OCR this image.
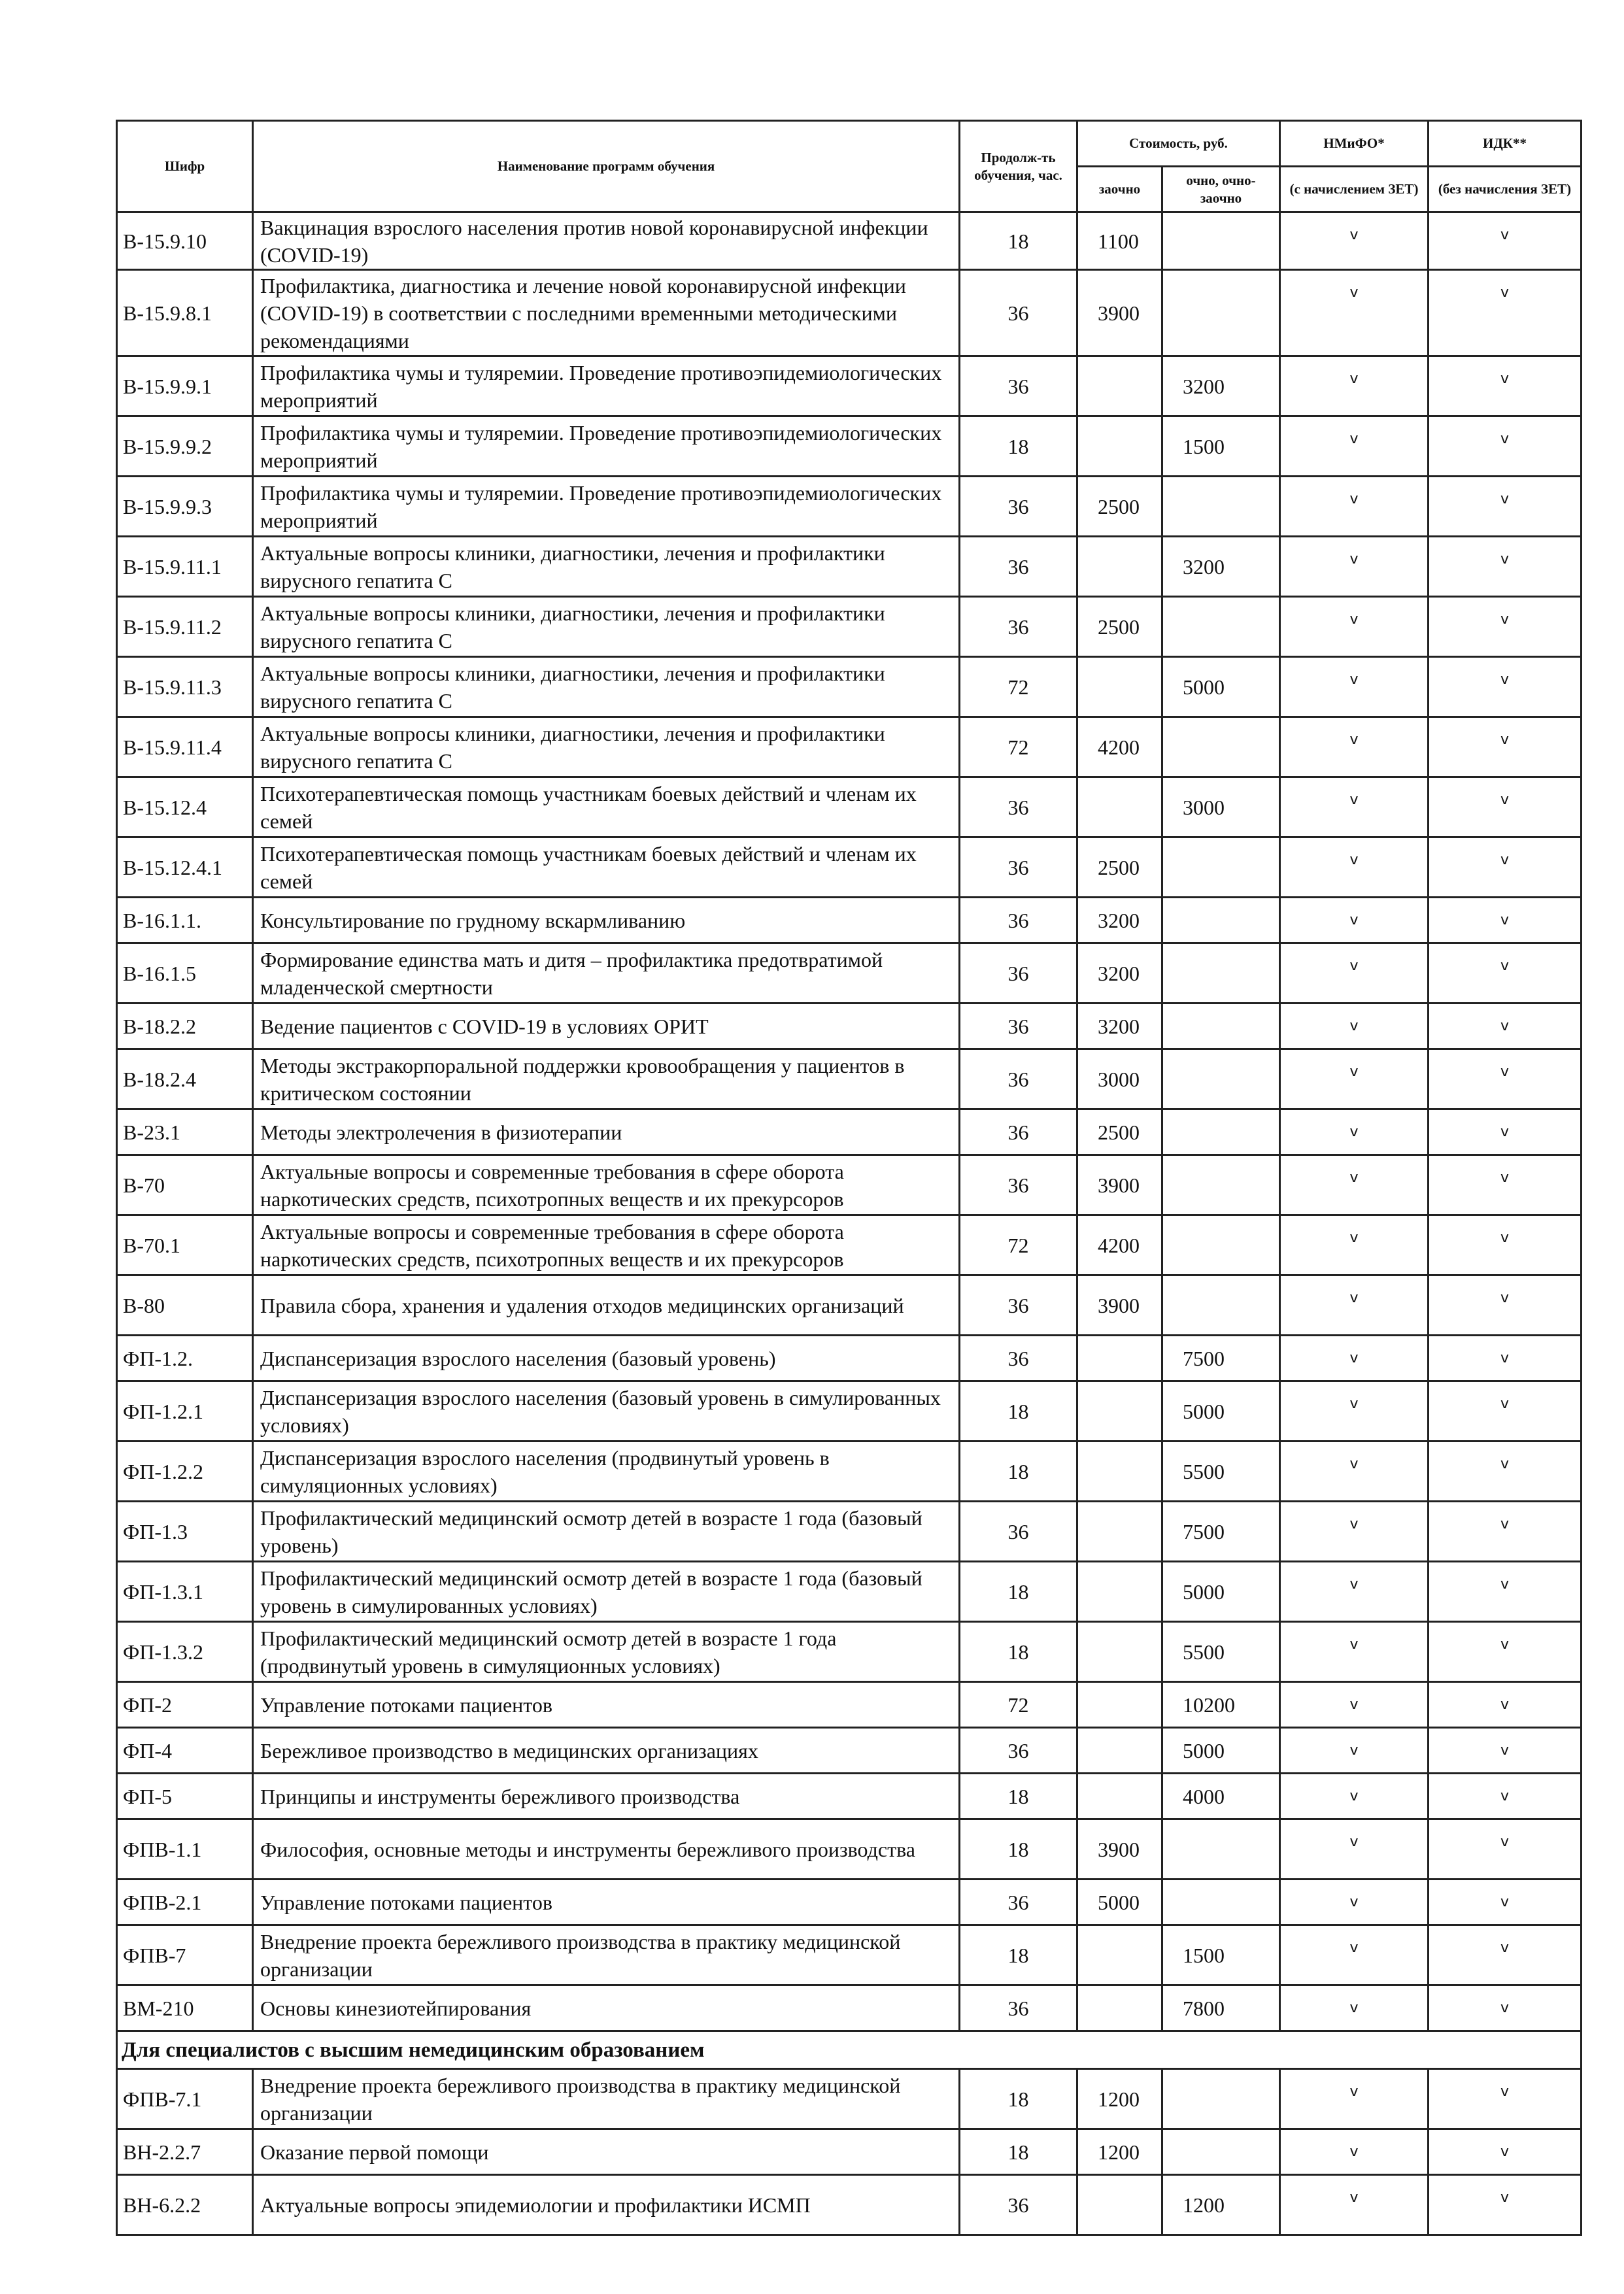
Шифр	Наименование программ обучения	Продолж-ть обучения, час.	Стоимость, руб.		НМиФО*	ИДК**
			заочно	очно, очно-заочно	(с начислением ЗЕТ)	(без начисления ЗЕТ)
В-15.9.10	Вакцинация взрослого населения против новой коронавирусной инфекции (COVID-19)	18	1100		v	v
В-15.9.8.1	Профилактика, диагностика и лечение новой коронавирусной инфекции (COVID-19) в соответствии с последними временными методическими рекомендациями	36	3900		v	v
В-15.9.9.1	Профилактика чумы и туляремии. Проведение противоэпидемиологических мероприятий	36		3200	v	v
В-15.9.9.2	Профилактика чумы и туляремии. Проведение противоэпидемиологических мероприятий	18		1500	v	v
В-15.9.9.3	Профилактика чумы и туляремии. Проведение противоэпидемиологических мероприятий	36	2500		v	v
В-15.9.11.1	Актуальные вопросы клиники, диагностики, лечения и профилактики вирусного гепатита С	36		3200	v	v
В-15.9.11.2	Актуальные вопросы клиники, диагностики, лечения и профилактики вирусного гепатита С	36	2500		v	v
В-15.9.11.3	Актуальные вопросы клиники, диагностики, лечения и профилактики вирусного гепатита С	72		5000	v	v
В-15.9.11.4	Актуальные вопросы клиники, диагностики, лечения и профилактики вирусного гепатита С	72	4200		v	v
В-15.12.4	Психотерапевтическая помощь участникам боевых действий и членам их семей	36		3000	v	v
В-15.12.4.1	Психотерапевтическая помощь участникам боевых действий и членам их семей	36	2500		v	v
В-16.1.1.	Консультирование по грудному вскармливанию	36	3200		v	v
В-16.1.5	Формирование единства мать и дитя – профилактика предотвратимой младенческой смертности	36	3200		v	v
В-18.2.2	Ведение пациентов с COVID-19 в условиях ОРИТ	36	3200		v	v
В-18.2.4	Методы экстракорпоральной поддержки кровообращения у пациентов в критическом состоянии	36	3000		v	v
В-23.1	Методы электролечения в физиотерапии	36	2500		v	v
В-70	Актуальные вопросы и современные требования в сфере оборота наркотических средств, психотропных веществ и их прекурсоров	36	3900		v	v
В-70.1	Актуальные вопросы и современные требования в сфере оборота наркотических средств, психотропных веществ и их прекурсоров	72	4200		v	v
В-80	Правила сбора, хранения и удаления отходов медицинских организаций	36	3900		v	v
ФП-1.2.	Диспансеризация взрослого населения (базовый уровень)	36		7500	v	v
ФП-1.2.1	Диспансеризация взрослого населения (базовый уровень в симулированных условиях)	18		5000	v	v
ФП-1.2.2	Диспансеризация взрослого населения (продвинутый уровень в симуляционных условиях)	18		5500	v	v
ФП-1.3	Профилактический медицинский осмотр детей в возрасте 1 года (базовый уровень)	36		7500	v	v
ФП-1.3.1	Профилактический медицинский осмотр детей в возрасте 1 года (базовый уровень в симулированных условиях)	18		5000	v	v
ФП-1.3.2	Профилактический медицинский осмотр детей в возрасте 1 года (продвинутый уровень в симуляционных условиях)	18		5500	v	v
ФП-2	Управление потоками пациентов	72		10200	v	v
ФП-4	Бережливое производство в медицинских организациях	36		5000	v	v
ФП-5	Принципы и инструменты бережливого производства	18		4000	v	v
ФПВ-1.1	Философия, основные методы и инструменты бережливого производства	18	3900		v	v
ФПВ-2.1	Управление потоками пациентов	36	5000		v	v
ФПВ-7	Внедрение проекта бережливого производства в практику медицинской организации	18		1500	v	v
ВМ-210	Основы кинезиотейпирования	36		7800	v	v
Для специалистов с высшим немедицинским образованием						
ФПВ-7.1	Внедрение проекта бережливого производства в практику медицинской организации	18	1200		v	v
ВН-2.2.7	Оказание первой помощи	18	1200		v	v
ВН-6.2.2	Актуальные вопросы эпидемиологии и профилактики ИСМП	36		1200	v	v
